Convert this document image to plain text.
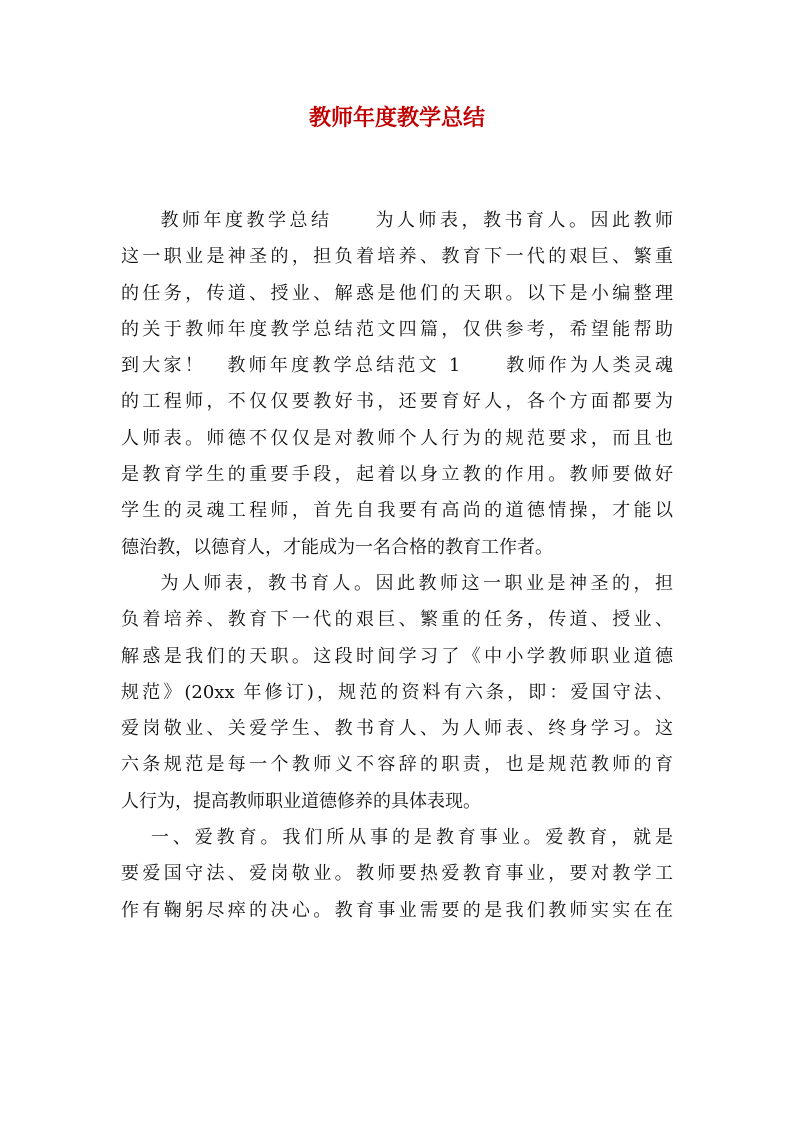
教师年度教学总结
教师年度教学总结　　为人师表，教书育人。因此教师
这一职业是神圣的，担负着培养、教育下一代的艰巨、繁重
的任务，传道、授业、解惑是他们的天职。以下是小编整理
的关于教师年度教学总结范文四篇，仅供参考，希望能帮助
到大家！　教师年度教学总结范文 1　　教师作为人类灵魂
的工程师，不仅仅要教好书，还要育好人，各个方面都要为
人师表。师德不仅仅是对教师个人行为的规范要求，而且也
是教育学生的重要手段，起着以身立教的作用。教师要做好
学生的灵魂工程师，首先自我要有高尚的道德情操，才能以
德治教，以德育人，才能成为一名合格的教育工作者。
为人师表，教书育人。因此教师这一职业是神圣的，担
负着培养、教育下一代的艰巨、繁重的任务，传道、授业、
解惑是我们的天职。这段时间学习了《中小学教师职业道德
规范》(20xx 年修订)，规范的资料有六条，即：爱国守法、
爱岗敬业、关爱学生、教书育人、为人师表、终身学习。这
六条规范是每一个教师义不容辞的职责，也是规范教师的育
人行为，提高教师职业道德修养的具体表现。
一、爱教育。我们所从事的是教育事业。爱教育，就是
要爱国守法、爱岗敬业。教师要热爱教育事业，要对教学工
作有鞠躬尽瘁的决心。教育事业需要的是我们教师实实在在
